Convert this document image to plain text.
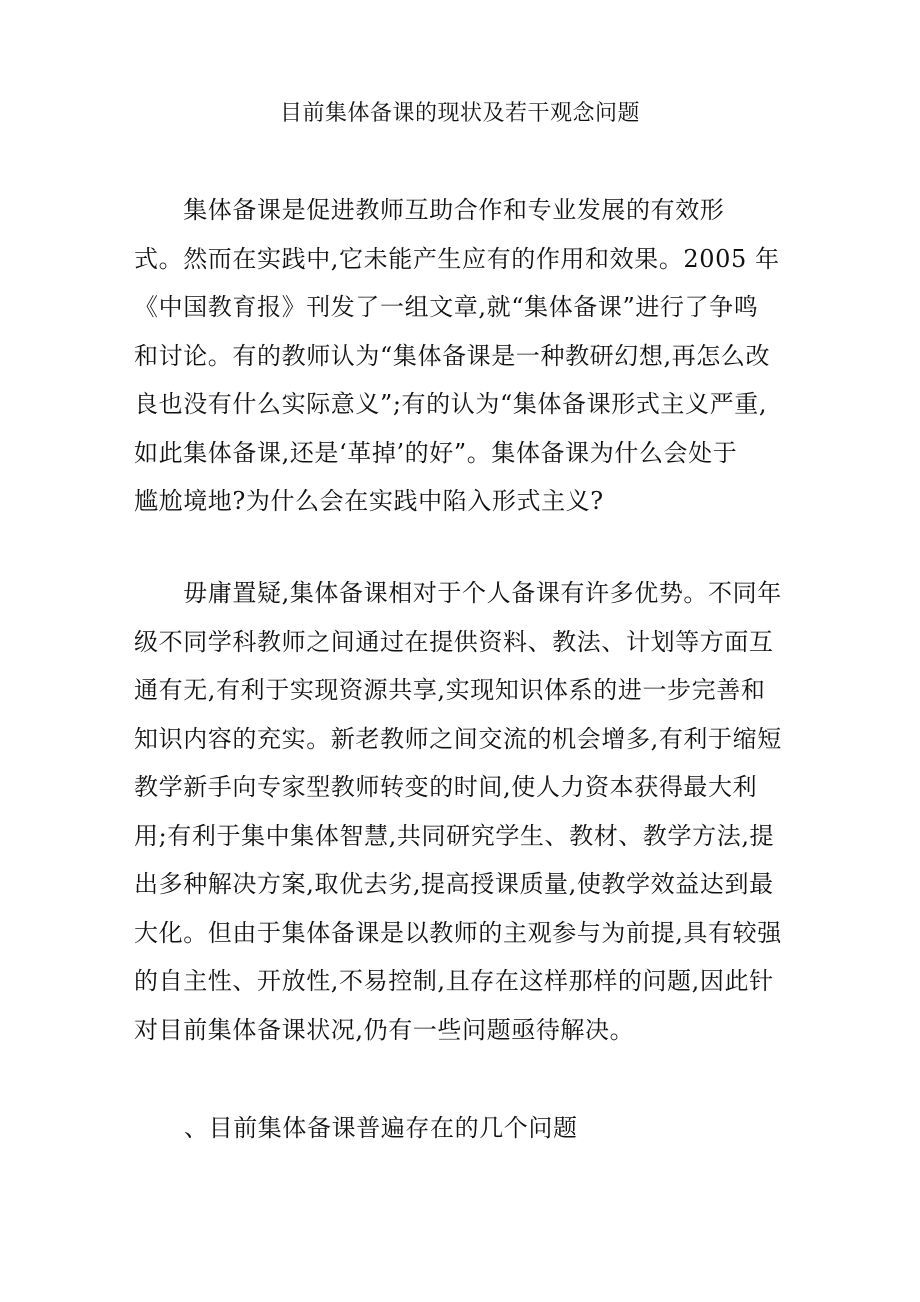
目前集体备课的现状及若干观念问题
　　集体备课是促进教师互助合作和专业发展的有效形
式。然而在实践中,它未能产生应有的作用和效果。2005 年
《中国教育报》刊发了一组文章,就“集体备课”进行了争鸣
和讨论。有的教师认为“集体备课是一种教研幻想,再怎么改
良也没有什么实际意义”;有的认为“集体备课形式主义严重,
如此集体备课,还是‘革掉’的好”。集体备课为什么会处于
尴尬境地?为什么会在实践中陷入形式主义?
　　毋庸置疑,集体备课相对于个人备课有许多优势。不同年
级不同学科教师之间通过在提供资料、教法、计划等方面互
通有无,有利于实现资源共享,实现知识体系的进一步完善和
知识内容的充实。新老教师之间交流的机会增多,有利于缩短
教学新手向专家型教师转变的时间,使人力资本获得最大利
用;有利于集中集体智慧,共同研究学生、教材、教学方法,提
出多种解决方案,取优去劣,提高授课质量,使教学效益达到最
大化。但由于集体备课是以教师的主观参与为前提,具有较强
的自主性、开放性,不易控制,且存在这样那样的问题,因此针
对目前集体备课状况,仍有一些问题亟待解决。
、目前集体备课普遍存在的几个问题
